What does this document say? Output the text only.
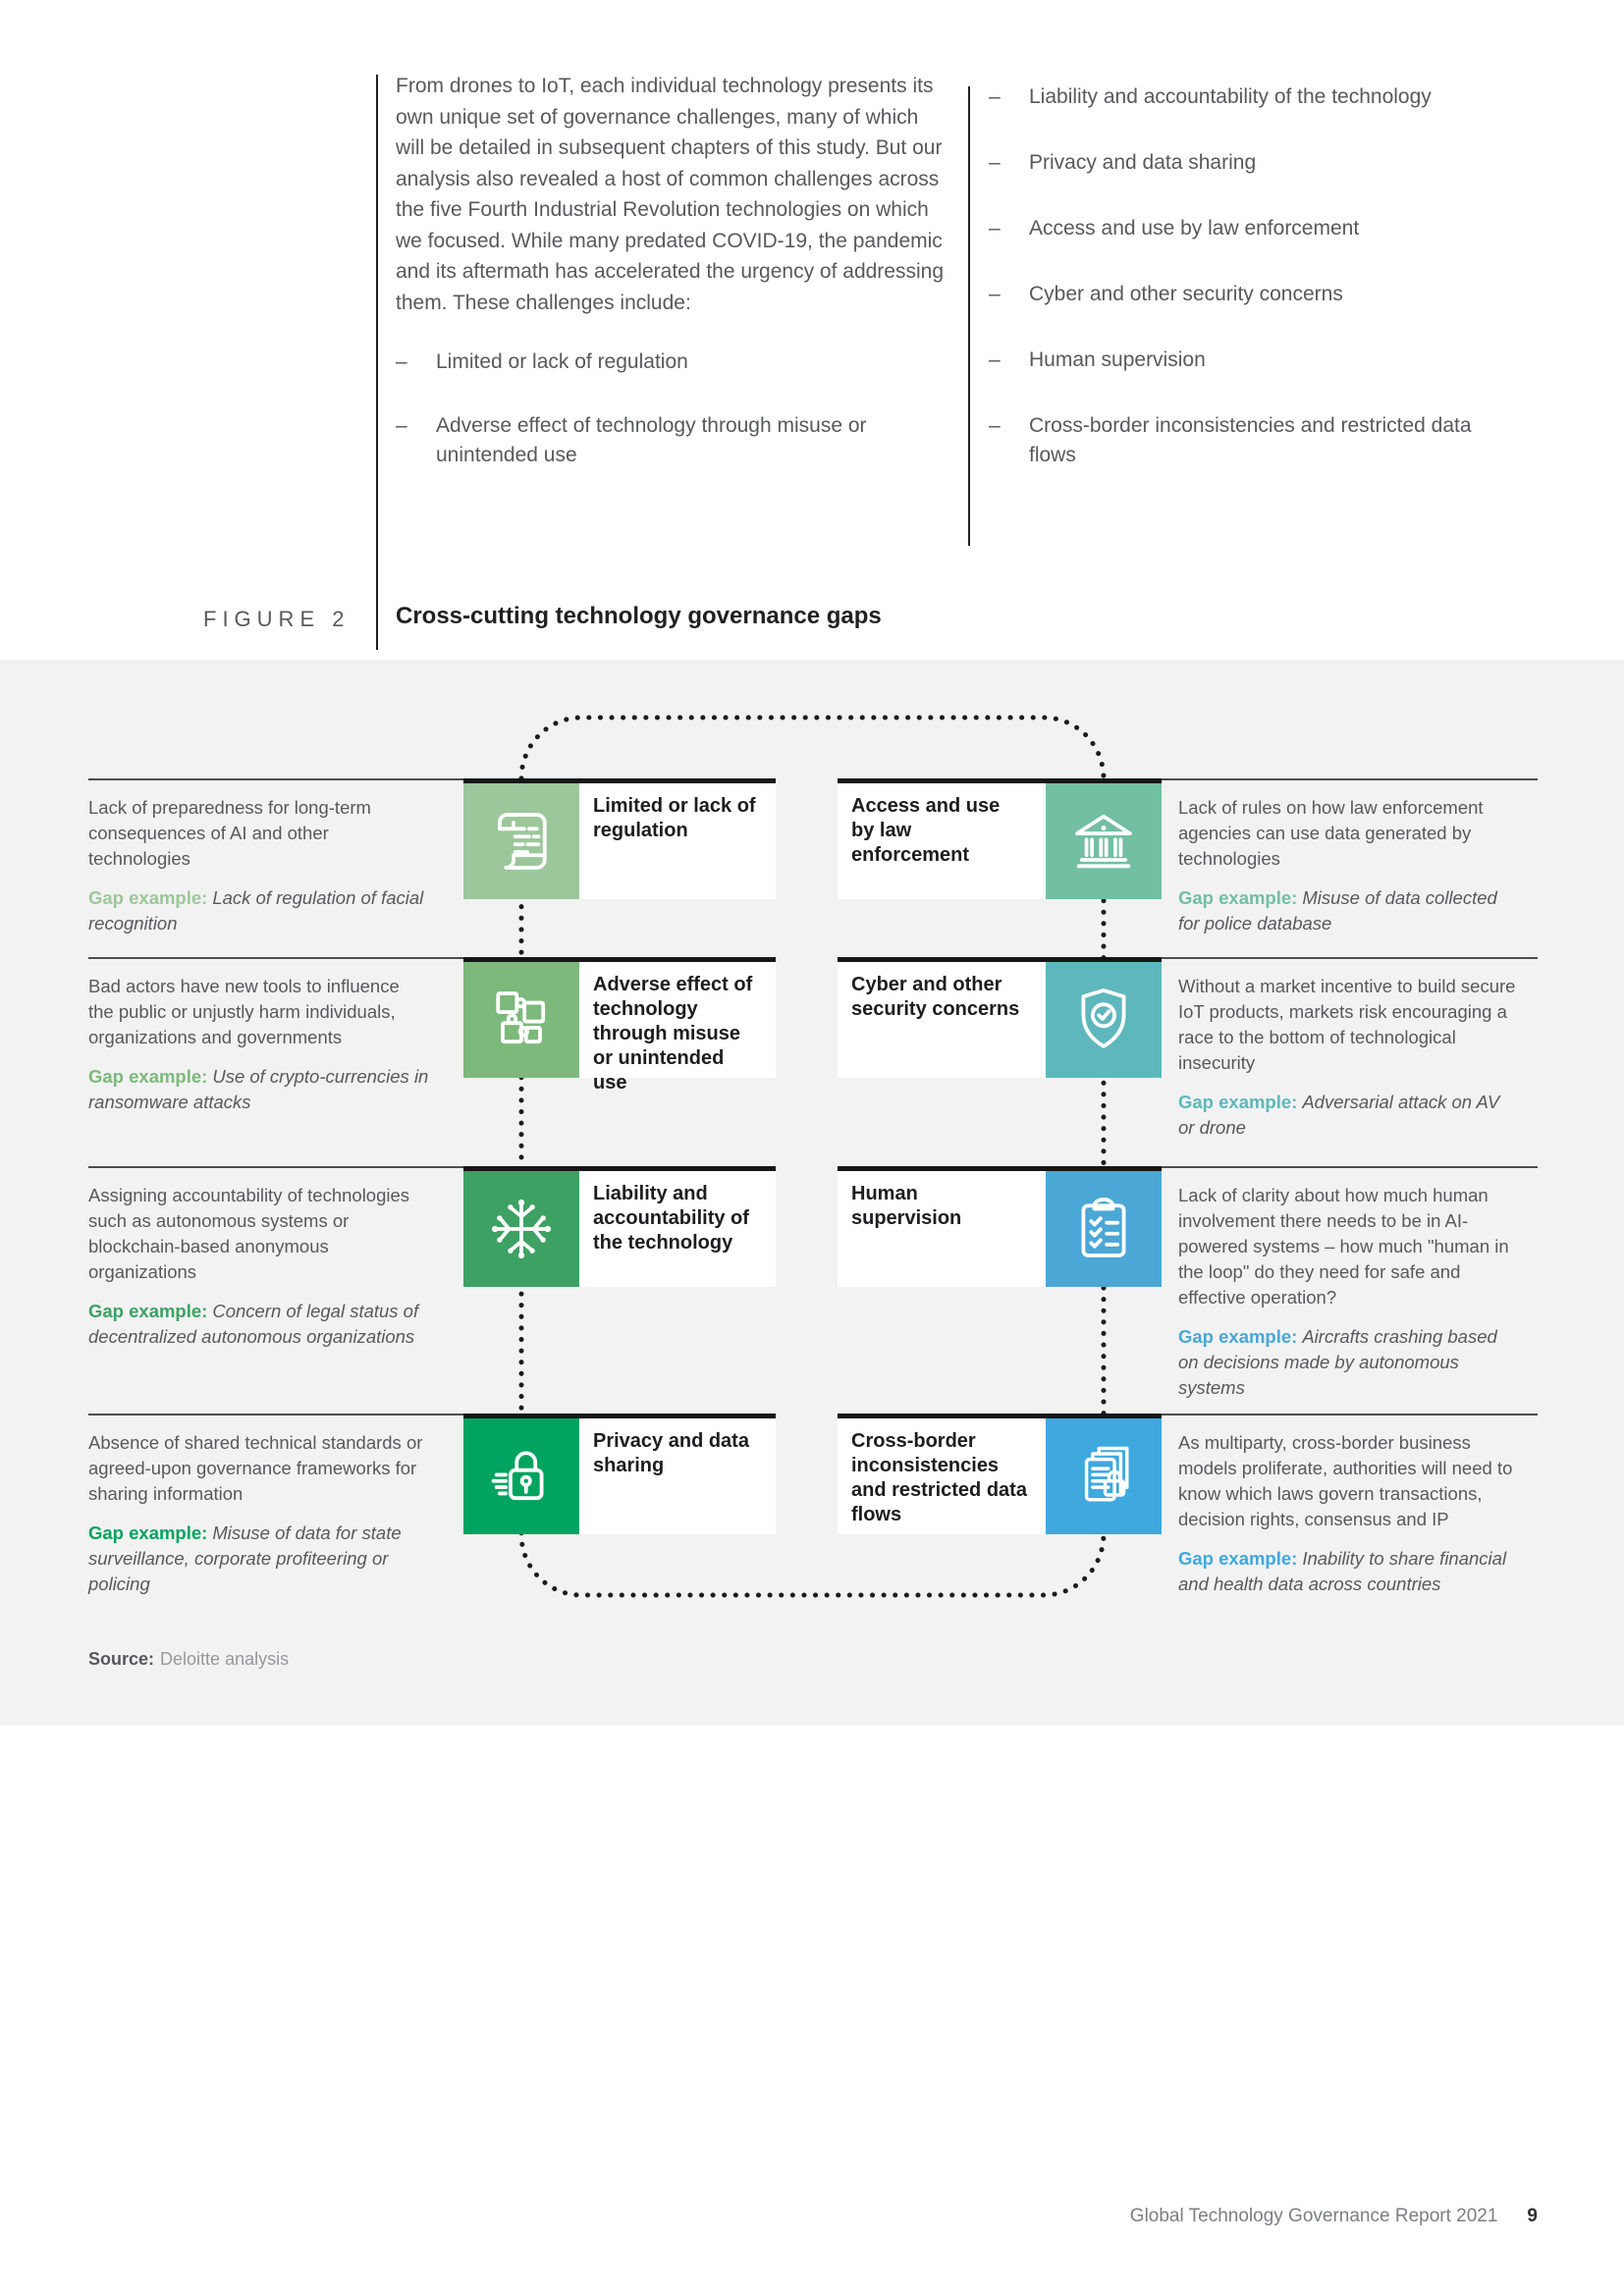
From drones to IoT, each individual technology presents its own unique set of governance challenges, many of which will be detailed in subsequent chapters of this study. But our analysis also revealed a host of common challenges across the five Fourth Industrial Revolution technologies on which we focused. While many predated COVID-19, the pandemic and its aftermath has accelerated the urgency of addressing them. These challenges include:

– Limited or lack of regulation
– Adverse effect of technology through misuse or unintended use
– Liability and accountability of the technology
– Privacy and data sharing
– Access and use by law enforcement
– Cyber and other security concerns
– Human supervision
– Cross-border inconsistencies and restricted data flows
FIGURE 2 Cross-cutting technology governance gaps

Lack of preparedness for long-term consequences of AI and other technologies

Gap example: Lack of regulation of facial recognition

Limited or lack of regulation
Access and use by law enforcement

Lack of rules on how law enforcement agencies can use data generated by technologies

Gap example: Misuse of data collected for police database

Bad actors have new tools to influence the public or unjustly harm individuals, organizations and governments

Gap example: Use of crypto-currencies in ransomware attacks

Adverse effect of technology through misuse or unintended use
Cyber and other security concerns

Without a market incentive to build secure IoT products, markets risk encouraging a race to the bottom of technological insecurity

Gap example: Adversarial attack on AV or drone

Assigning accountability of technologies such as autonomous systems or blockchain-based anonymous organizations

Gap example: Concern of legal status of decentralized autonomous organizations

Liability and accountability of the technology
Human supervision

Lack of clarity about how much human involvement there needs to be in AI-powered systems – how much "human in the loop" do they need for safe and effective operation?

Gap example: Aircrafts crashing based on decisions made by autonomous systems

Absence of shared technical standards or agreed-upon governance frameworks for sharing information

Gap example: Misuse of data for state surveillance, corporate profiteering or policing

Privacy and data sharing
Cross-border inconsistencies and restricted data flows

As multiparty, cross-border business models proliferate, authorities will need to know which laws govern transactions, decision rights, consensus and IP

Gap example: Inability to share financial and health data across countries

Source: Deloitte analysis
Global Technology Governance Report 2021 9
